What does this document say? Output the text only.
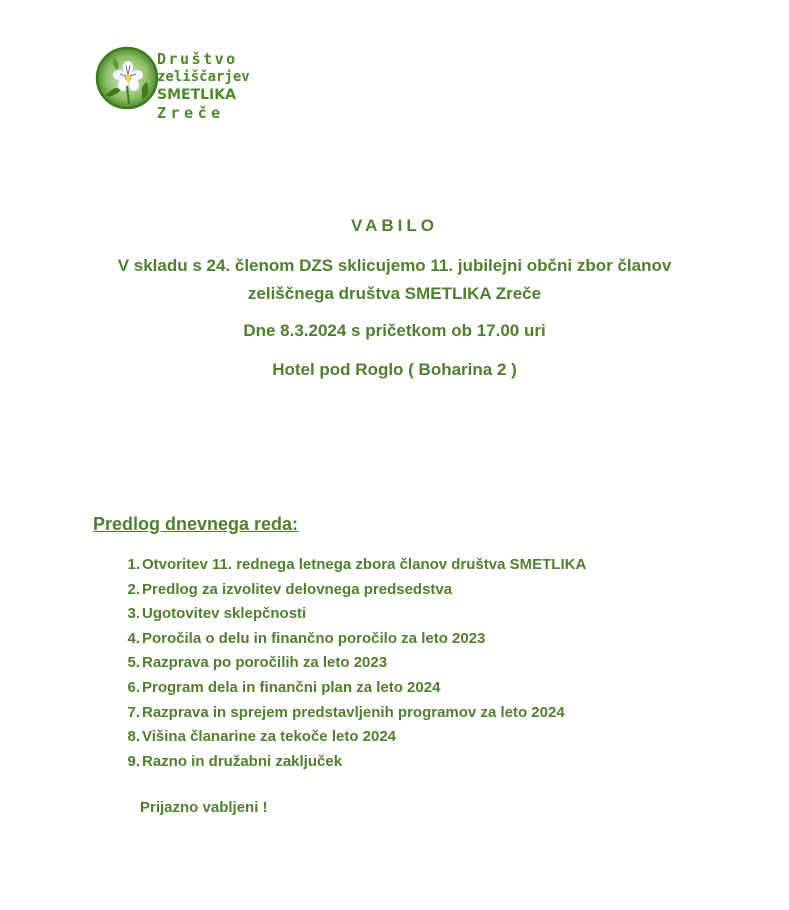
Društvo
zeliščarjev
SMETLIKA
Zreče
VABILO
V skladu s 24. členom DZS sklicujemo 11. jubilejni občni zbor članov
zeliščnega društva SMETLIKA Zreče
Dne 8.3.2024 s pričetkom ob 17.00 uri
Hotel pod Roglo ( Boharina 2 )
Predlog dnevnega reda:
1. Otvoritev 11. rednega letnega zbora članov društva SMETLIKA
2. Predlog za izvolitev delovnega predsedstva
3. Ugotovitev sklepčnosti
4. Poročila o delu in finančno poročilo za leto 2023
5. Razprava po poročilih za leto 2023
6. Program dela in finančni plan za leto 2024
7. Razprava in sprejem predstavljenih programov za leto 2024
8. Višina članarine za tekoče leto 2024
9. Razno in družabni zaključek
Prijazno vabljeni !
